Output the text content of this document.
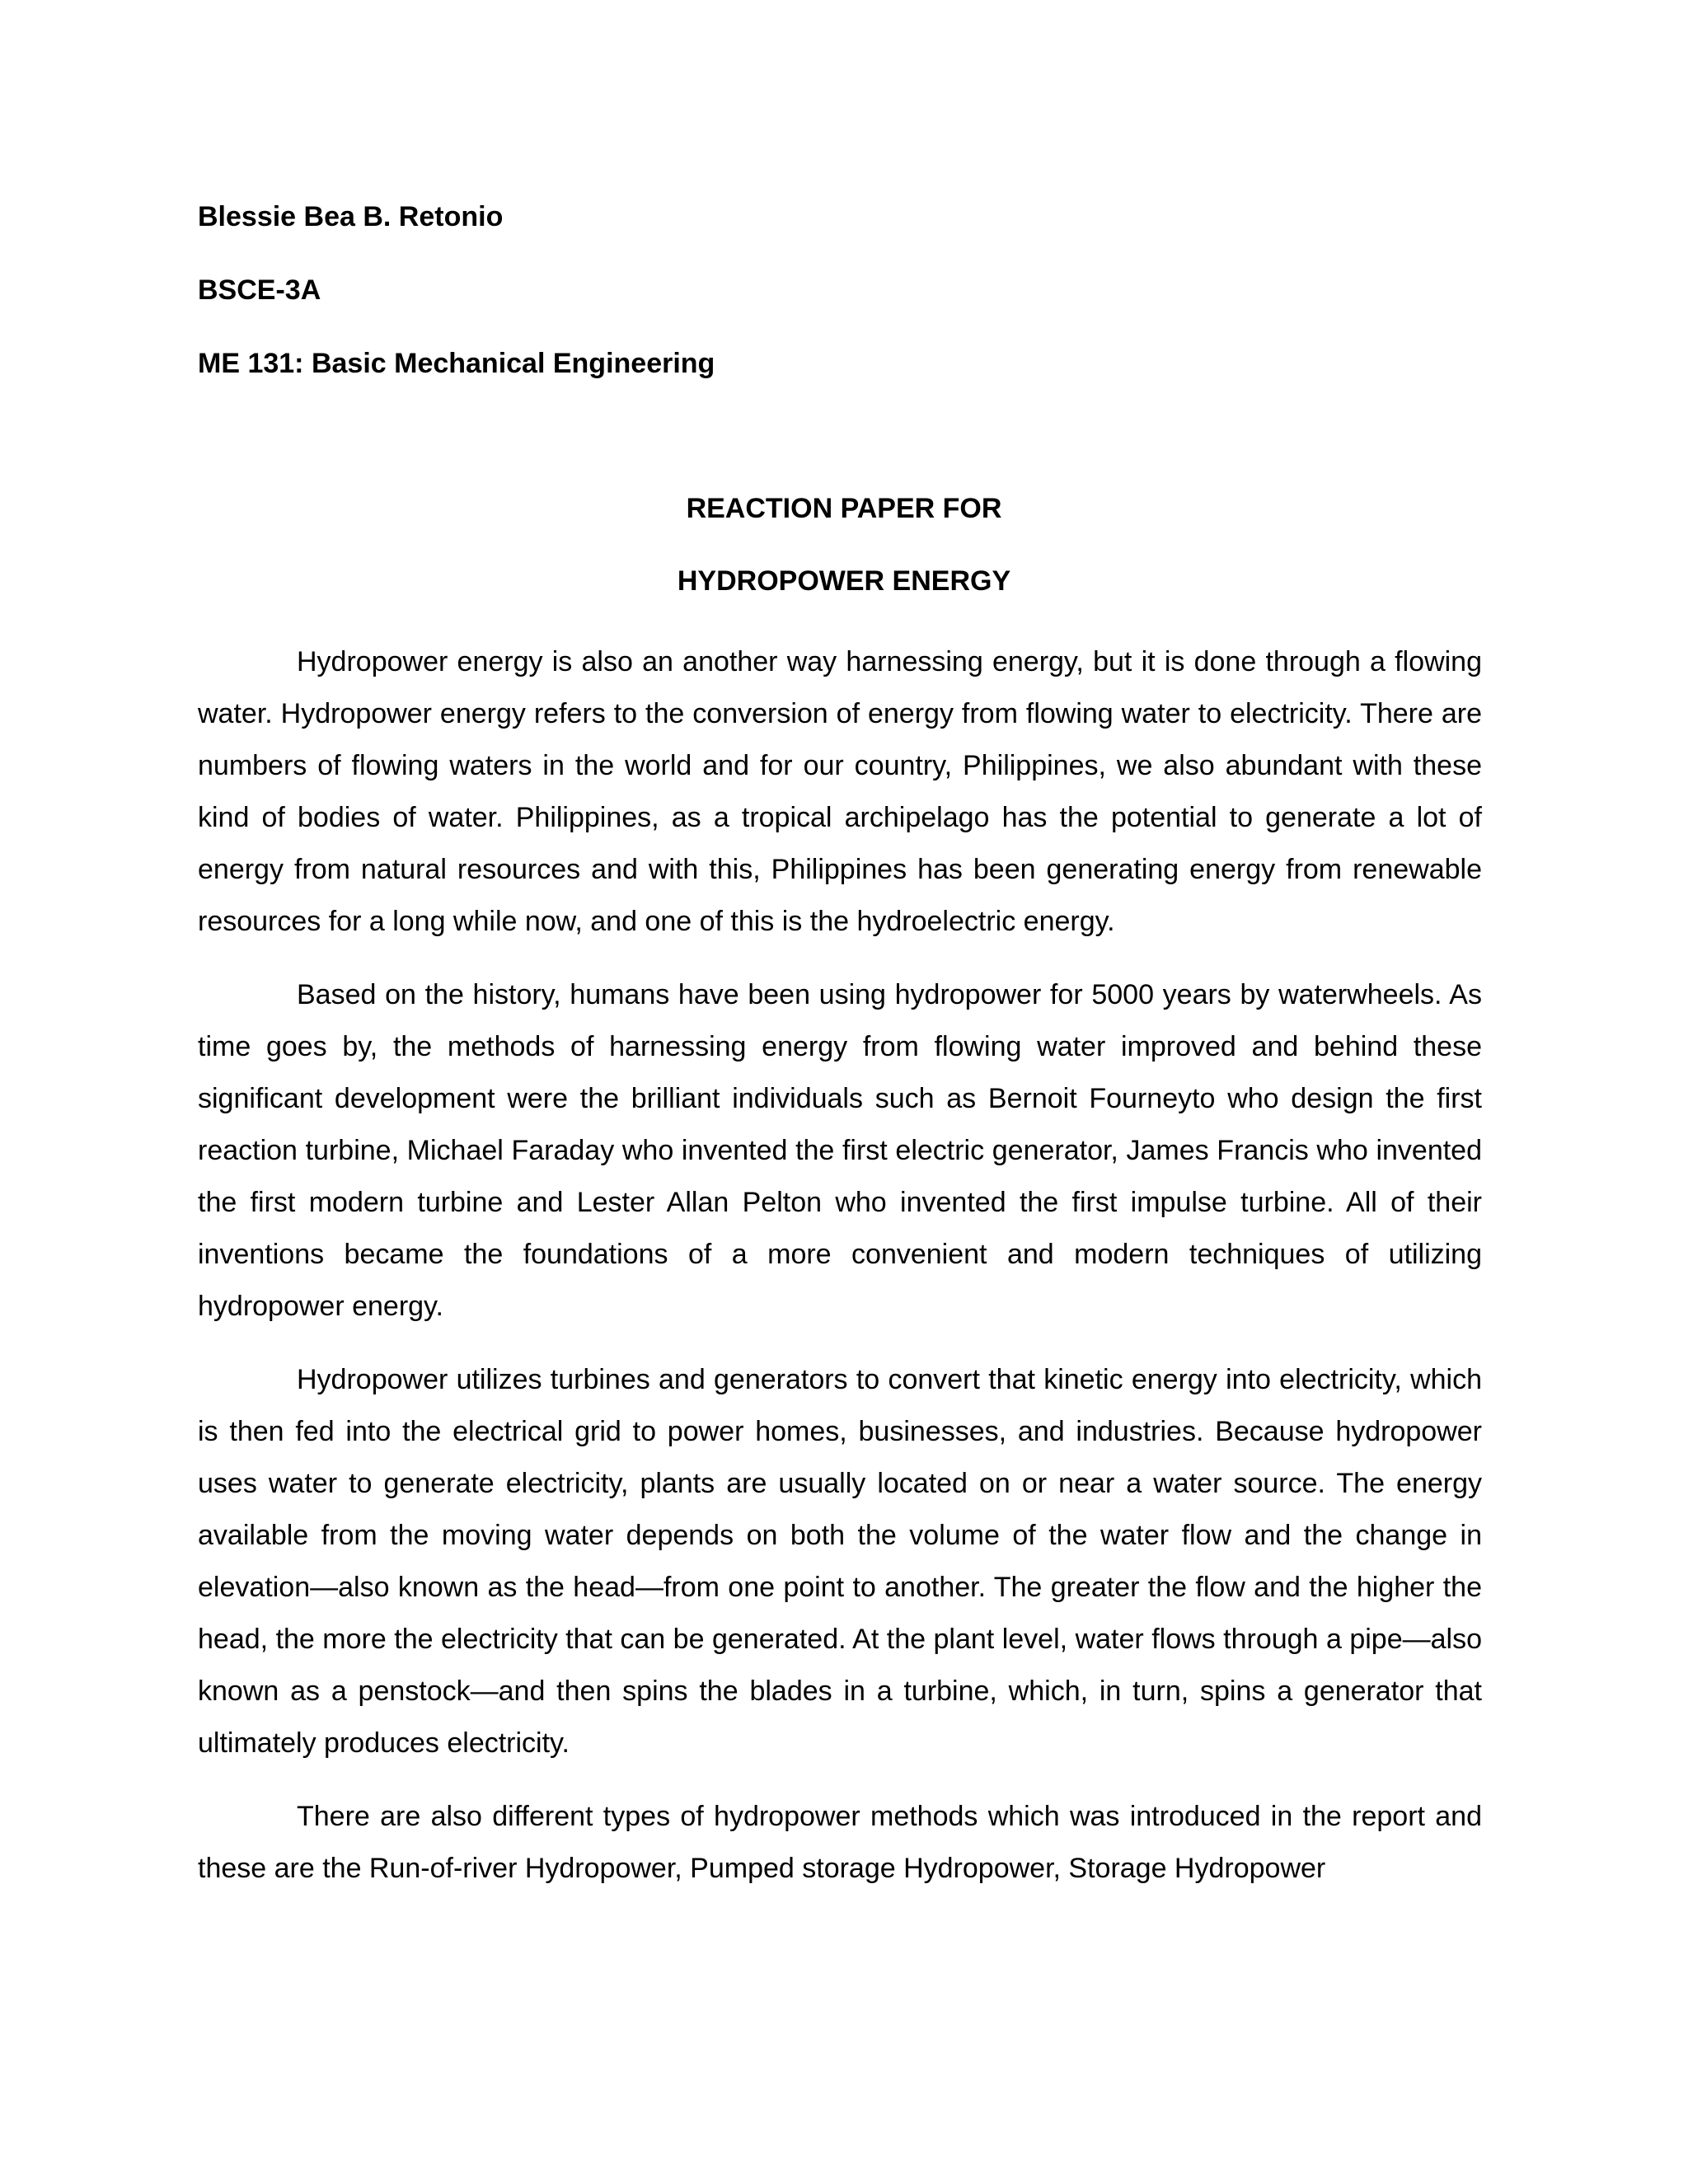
Blessie Bea B. Retonio
BSCE-3A
ME 131: Basic Mechanical Engineering
REACTION PAPER FOR
HYDROPOWER ENERGY

Hydropower energy is also an another way harnessing energy, but it is done through a flowing water. Hydropower energy refers to the conversion of energy from flowing water to electricity. There are numbers of flowing waters in the world and for our country, Philippines, we also abundant with these kind of bodies of water. Philippines, as a tropical archipelago has the potential to generate a lot of energy from natural resources and with this, Philippines has been generating energy from renewable resources for a long while now, and one of this is the hydroelectric energy.

Based on the history, humans have been using hydropower for 5000 years by waterwheels. As time goes by, the methods of harnessing energy from flowing water improved and behind these significant development were the brilliant individuals such as Bernoit Fourneyto who design the first reaction turbine, Michael Faraday who invented the first electric generator, James Francis who invented the first modern turbine and Lester Allan Pelton who invented the first impulse turbine. All of their inventions became the foundations of a more convenient and modern techniques of utilizing hydropower energy.

Hydropower utilizes turbines and generators to convert that kinetic energy into electricity, which is then fed into the electrical grid to power homes, businesses, and industries. Because hydropower uses water to generate electricity, plants are usually located on or near a water source. The energy available from the moving water depends on both the volume of the water flow and the change in elevation—also known as the head—from one point to another. The greater the flow and the higher the head, the more the electricity that can be generated. At the plant level, water flows through a pipe—also known as a penstock—and then spins the blades in a turbine, which, in turn, spins a generator that ultimately produces electricity.

There are also different types of hydropower methods which was introduced in the report and these are the Run-of-river Hydropower, Pumped storage Hydropower, Storage Hydropower
